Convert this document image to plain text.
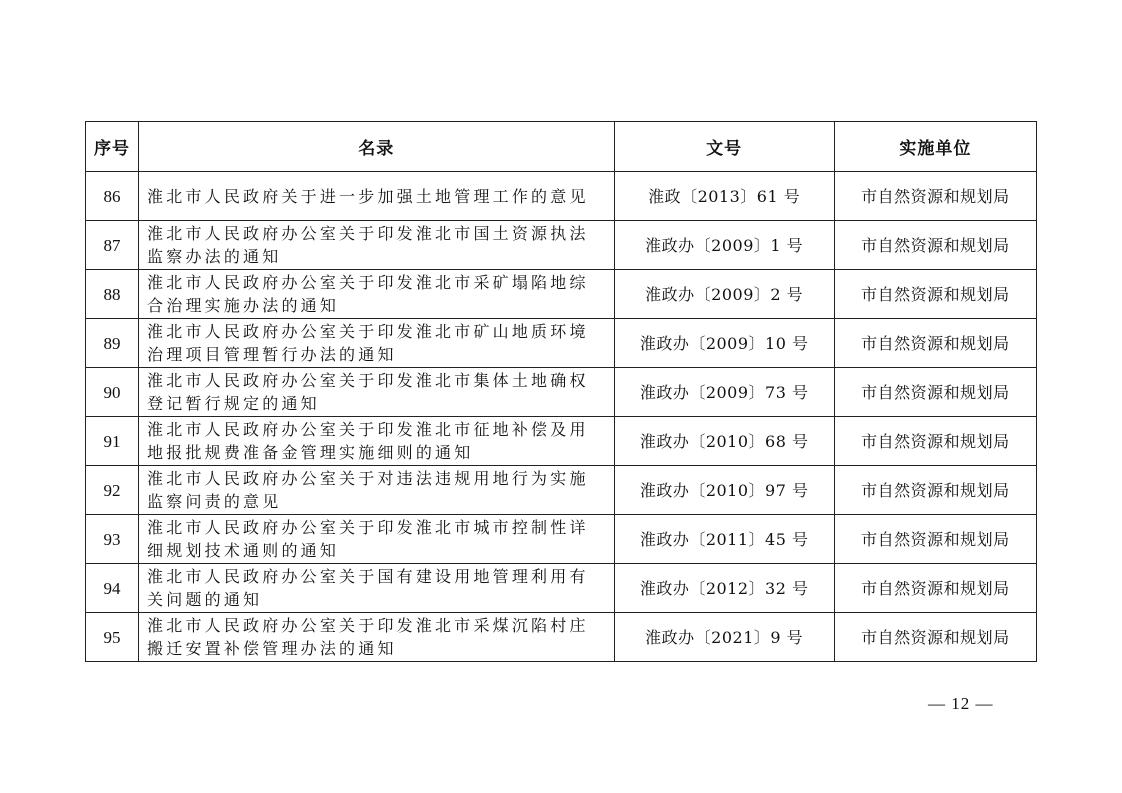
序号	名录	文号	实施单位
86	淮北市人民政府关于进一步加强土地管理工作的意见	淮政〔2013〕61 号	市自然资源和规划局
87	淮北市人民政府办公室关于印发淮北市国土资源执法监察办法的通知	淮政办〔2009〕1 号	市自然资源和规划局
88	淮北市人民政府办公室关于印发淮北市采矿塌陷地综合治理实施办法的通知	淮政办〔2009〕2 号	市自然资源和规划局
89	淮北市人民政府办公室关于印发淮北市矿山地质环境治理项目管理暂行办法的通知	淮政办〔2009〕10 号	市自然资源和规划局
90	淮北市人民政府办公室关于印发淮北市集体土地确权登记暂行规定的通知	淮政办〔2009〕73 号	市自然资源和规划局
91	淮北市人民政府办公室关于印发淮北市征地补偿及用地报批规费准备金管理实施细则的通知	淮政办〔2010〕68 号	市自然资源和规划局
92	淮北市人民政府办公室关于对违法违规用地行为实施监察问责的意见	淮政办〔2010〕97 号	市自然资源和规划局
93	淮北市人民政府办公室关于印发淮北市城市控制性详细规划技术通则的通知	淮政办〔2011〕45 号	市自然资源和规划局
94	淮北市人民政府办公室关于国有建设用地管理利用有关问题的通知	淮政办〔2012〕32 号	市自然资源和规划局
95	淮北市人民政府办公室关于印发淮北市采煤沉陷村庄搬迁安置补偿管理办法的通知	淮政办〔2021〕9 号	市自然资源和规划局
— 12 —
